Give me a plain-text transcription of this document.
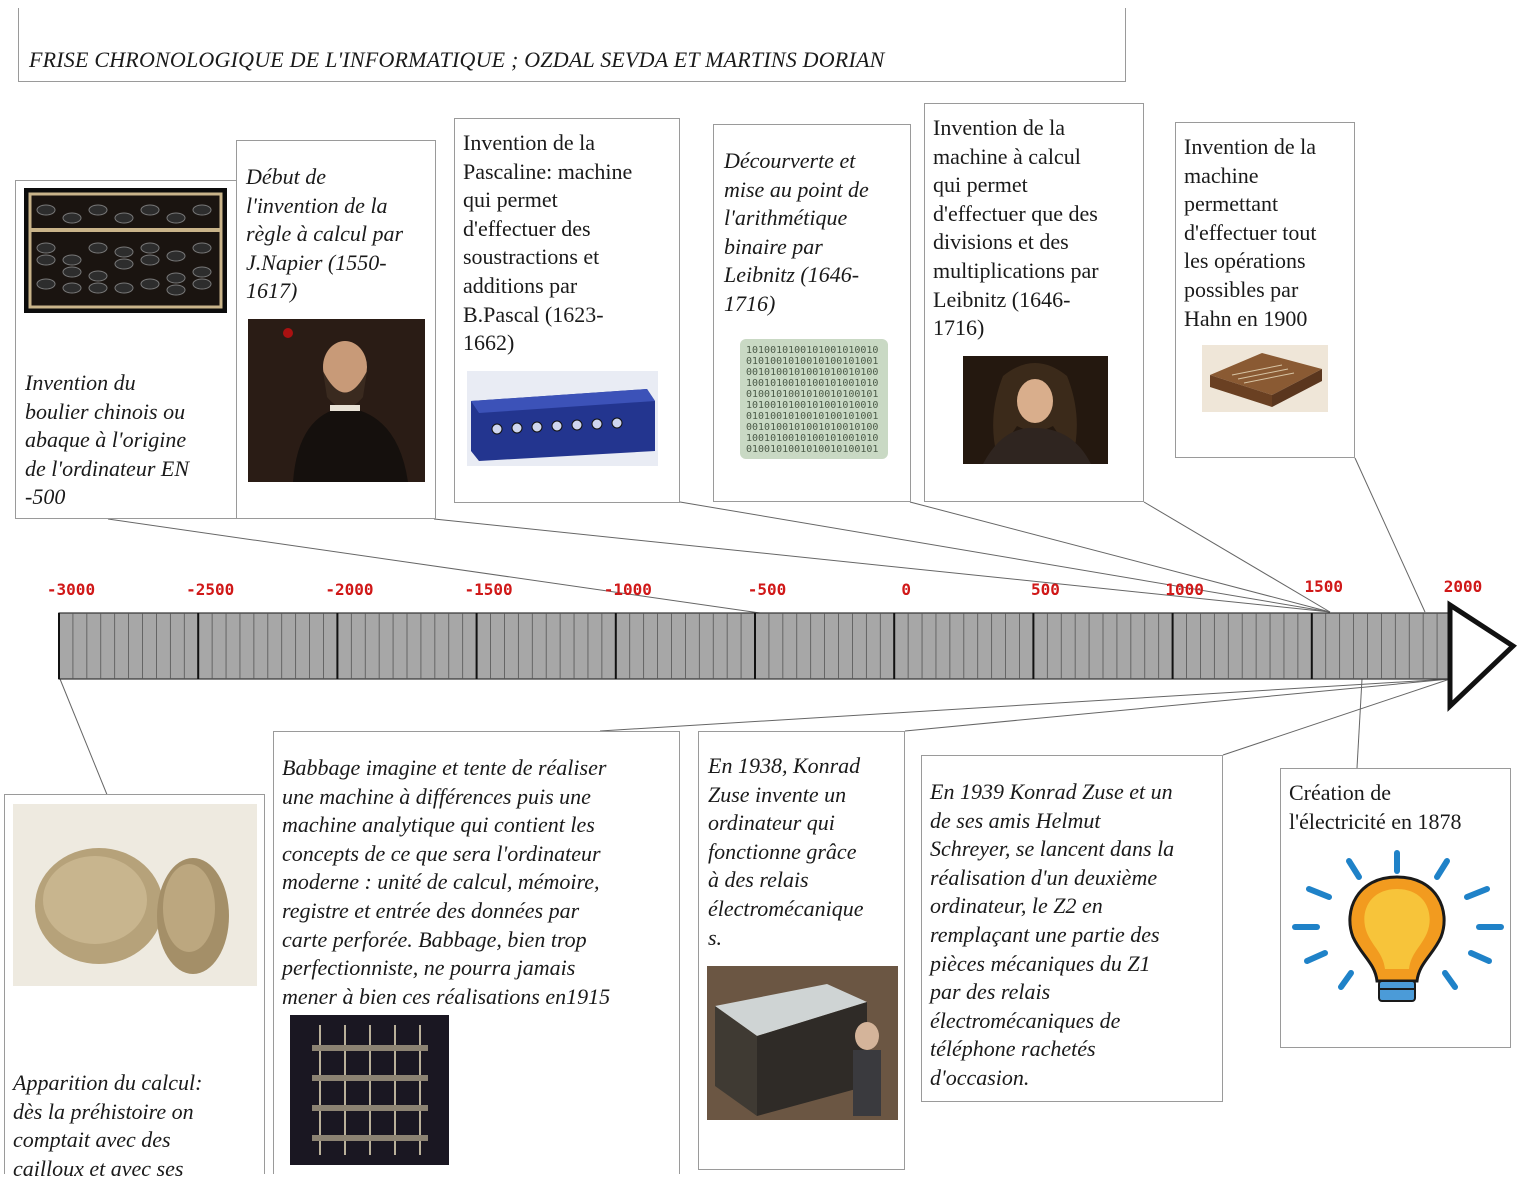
FRISE CHRONOLOGIQUE DE L'INFORMATIQUE ; OZDAL SEVDA ET MARTINS DORIAN
-3000	-2500	-2000	-1500	-1000	-500	0	500	1000	1500	2000
Invention du
boulier chinois ou
abaque à l'origine
de l'ordinateur EN
-500
Début de
l'invention de la
règle à calcul par
J.Napier (1550-
1617)
Invention de la
Pascaline: machine
qui permet
d'effectuer des
soustractions et
additions par
B.Pascal (1623-
1662)
Décourverte et
mise au point de
l'arithmétique
binaire par
Leibnitz (1646-
1716)
1010010100101001010010
0101001010010100101001
0010100101001010010100
1001010010100101001010
0100101001010010100101
1010010100101001010010
0101001010010100101001
0010100101001010010100
1001010010100101001010
0100101001010010100101
Invention de la
machine à calcul
qui permet
d'effectuer que des
divisions et des
multiplications par
Leibnitz (1646-
1716)
Invention de la
machine
permettant
d'effectuer tout
les opérations
possibles par
Hahn en 1900
Apparition du calcul:
dès la préhistoire on
comptait avec des
cailloux et avec ses
Babbage imagine et tente de réaliser
une machine à différences puis une
machine analytique qui contient les
concepts de ce que sera l'ordinateur
moderne : unité de calcul, mémoire,
registre et entrée des données par
carte perforée. Babbage, bien trop
perfectionniste, ne pourra jamais
mener à bien ces réalisations en1915
En 1938, Konrad
Zuse invente un
ordinateur qui
fonctionne grâce
à des relais
électromécanique
s.
En 1939 Konrad Zuse et un
de ses amis Helmut
Schreyer, se lancent dans la
réalisation d'un deuxième
ordinateur, le Z2 en
remplaçant une partie des
pièces mécaniques du Z1
par des relais
électromécaniques de
téléphone rachetés
d'occasion.
Création de
l'électricité en 1878
